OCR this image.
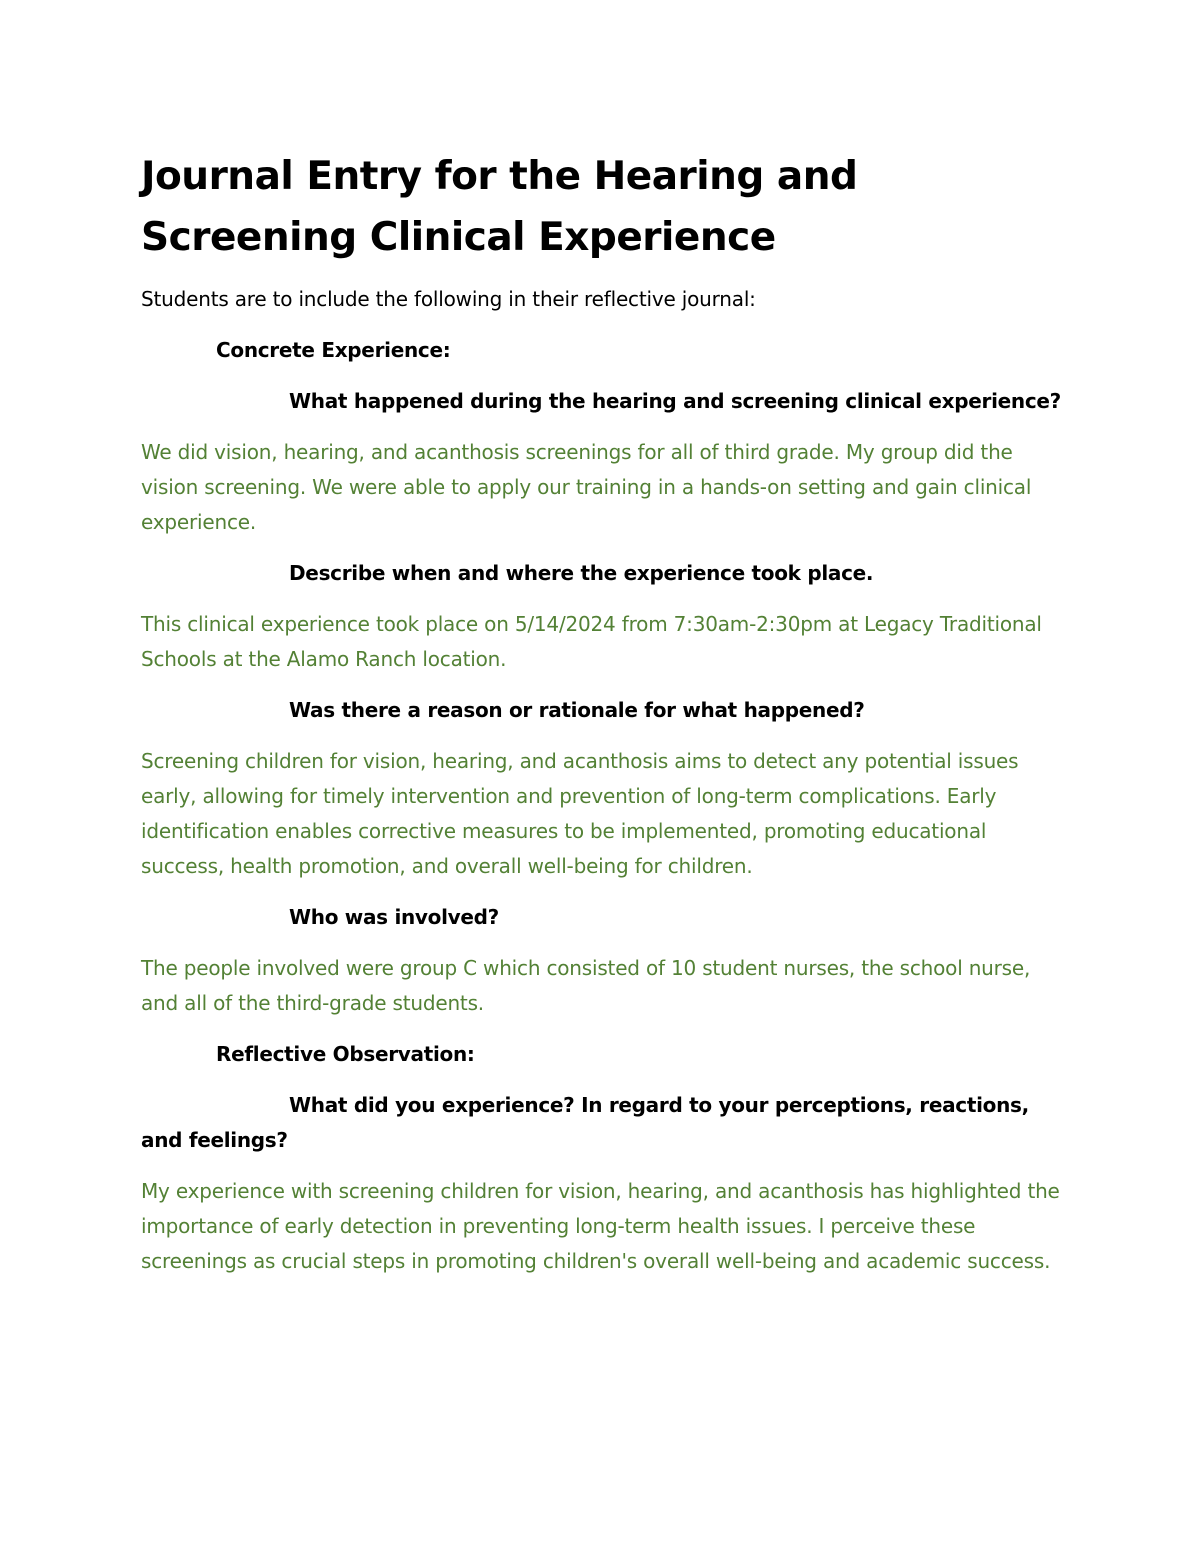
Journal Entry for the Hearing and Screening Clinical Experience

Students are to include the following in their reflective journal:

Concrete Experience:

What happened during the hearing and screening clinical experience?

We did vision, hearing, and acanthosis screenings for all of third grade. My group did the vision screening. We were able to apply our training in a hands-on setting and gain clinical experience.

Describe when and where the experience took place.

This clinical experience took place on 5/14/2024 from 7:30am-2:30pm at Legacy Traditional Schools at the Alamo Ranch location.

Was there a reason or rationale for what happened?

Screening children for vision, hearing, and acanthosis aims to detect any potential issues early, allowing for timely intervention and prevention of long-term complications. Early identification enables corrective measures to be implemented, promoting educational success, health promotion, and overall well-being for children.

Who was involved?

The people involved were group C which consisted of 10 student nurses, the school nurse, and all of the third-grade students.

Reflective Observation:

What did you experience? In regard to your perceptions, reactions, and feelings?

My experience with screening children for vision, hearing, and acanthosis has highlighted the importance of early detection in preventing long-term health issues. I perceive these screenings as crucial steps in promoting children's overall well-being and academic success.
